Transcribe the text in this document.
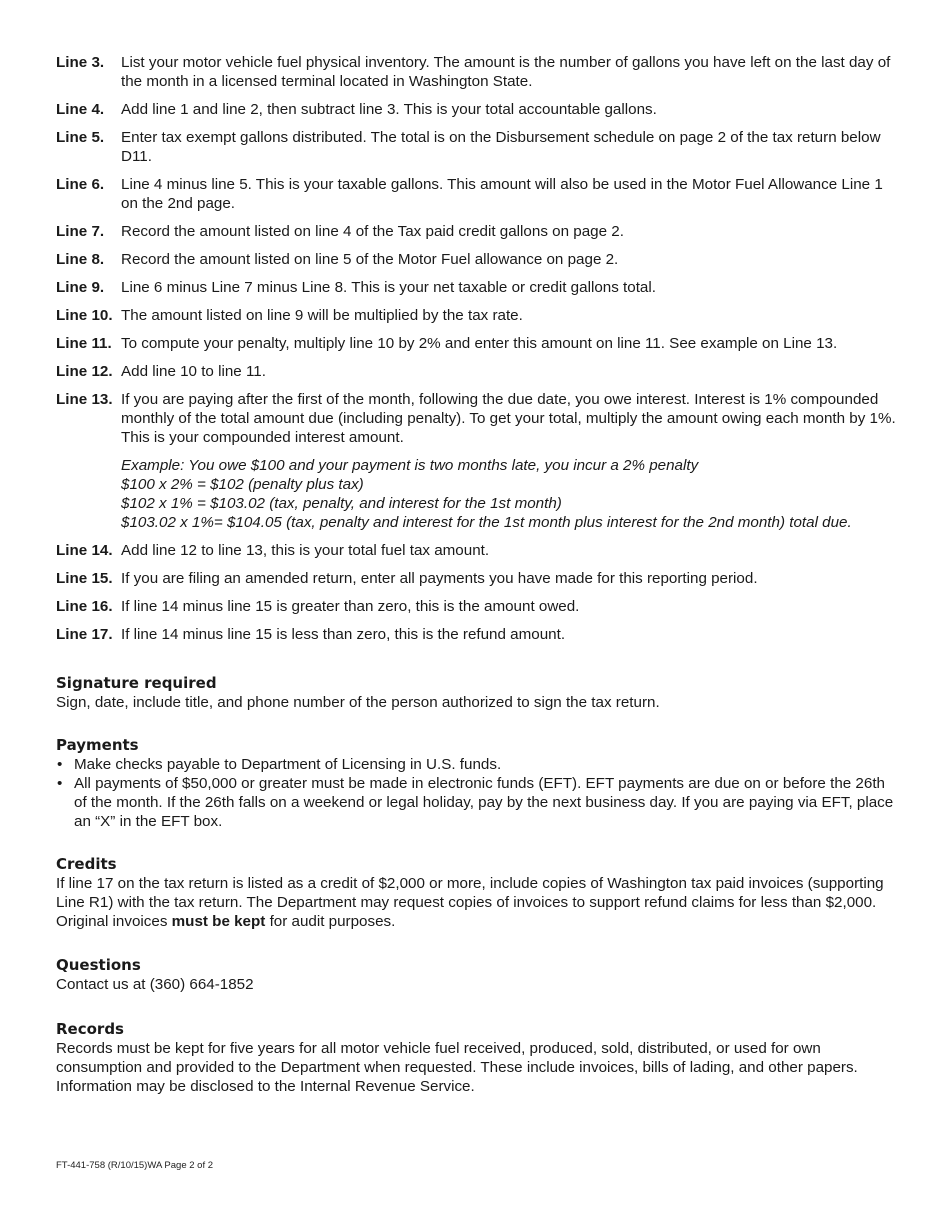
Line 3.	List your motor vehicle fuel physical inventory. The amount is the number of gallons you have left on the last day of the month in a licensed terminal located in Washington State.
Line 4.	Add line 1 and line 2, then subtract line 3. This is your total accountable gallons.
Line 5.	Enter tax exempt gallons distributed. The total is on the Disbursement schedule on page 2 of the tax return below D11.
Line 6.	Line 4 minus line 5. This is your taxable gallons. This amount will also be used in the Motor Fuel Allowance Line 1 on the 2nd page.
Line 7.	Record the amount listed on line 4 of the Tax paid credit gallons on page 2.
Line 8.	Record the amount listed on line 5 of the Motor Fuel allowance on page 2.
Line 9.	Line 6 minus Line 7 minus Line 8. This is your net taxable or credit gallons total.
Line 10. The amount listed on line 9 will be multiplied by the tax rate.
Line 11. To compute your penalty, multiply line 10 by 2% and enter this amount on line 11. See example on Line 13.
Line 12. Add line 10 to line 11.
Line 13. If you are paying after the first of the month, following the due date, you owe interest. Interest is 1% compounded monthly of the total amount due (including penalty). To get your total, multiply the amount owing each month by 1%. This is your compounded interest amount.
Example: You owe $100 and your payment is two months late, you incur a 2% penalty
$100 x 2% = $102 (penalty plus tax)
$102 x 1% = $103.02 (tax, penalty, and interest for the 1st month)
$103.02 x 1%= $104.05 (tax, penalty and interest for the 1st month plus interest for the 2nd month) total due.
Line 14. Add line 12 to line 13, this is your total fuel tax amount.
Line 15. If you are filing an amended return, enter all payments you have made for this reporting period.
Line 16. If line 14 minus line 15 is greater than zero, this is the amount owed.
Line 17. If line 14 minus line 15 is less than zero, this is the refund amount.
Signature required
Sign, date, include title, and phone number of the person authorized to sign the tax return.
Payments
• Make checks payable to Department of Licensing in U.S. funds.
• All payments of $50,000 or greater must be made in electronic funds (EFT). EFT payments are due on or before the 26th of the month. If the 26th falls on a weekend or legal holiday, pay by the next business day. If you are paying via EFT, place an “X” in the EFT box.
Credits
If line 17 on the tax return is listed as a credit of $2,000 or more, include copies of Washington tax paid invoices (supporting Line R1) with the tax return. The Department may request copies of invoices to support refund claims for less than $2,000. Original invoices must be kept for audit purposes.
Questions
Contact us at (360) 664-1852
Records
Records must be kept for five years for all motor vehicle fuel received, produced, sold, distributed, or used for own consumption and provided to the Department when requested. These include invoices, bills of lading, and other papers. Information may be disclosed to the Internal Revenue Service.
FT-441-758 (R/10/15)WA Page 2 of 2
